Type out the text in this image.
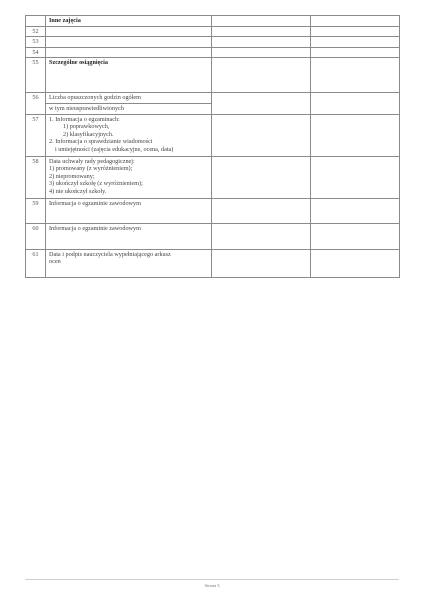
	Inne zajęcia		
52			
53			
54			
55	Szczególne osiągnięcia		
56	Liczba opuszczonych godzin ogółem
w tym nieusprawiedliwionych		

57	1. Informacja o egzaminach:
1) poprawkowych,
2) klasyfikacyjnych.
2. Informacja o sprawdzianie wiadomości
i umiejętności (zajęcia edukacyjne, ocena, data)		

58	Data uchwały rady pedagogicznej:
1) promowany (z wyróżnieniem);
2) niepromowany;
3) ukończył szkołę (z wyróżnieniem);
4) nie ukończył szkoły.		

59	Informacja o egzaminie zawodowym		
60	Informacja o egzaminie zawodowym		
61	Data i podpis nauczyciela wypełniającego arkusz
ocen		

Strona 3
